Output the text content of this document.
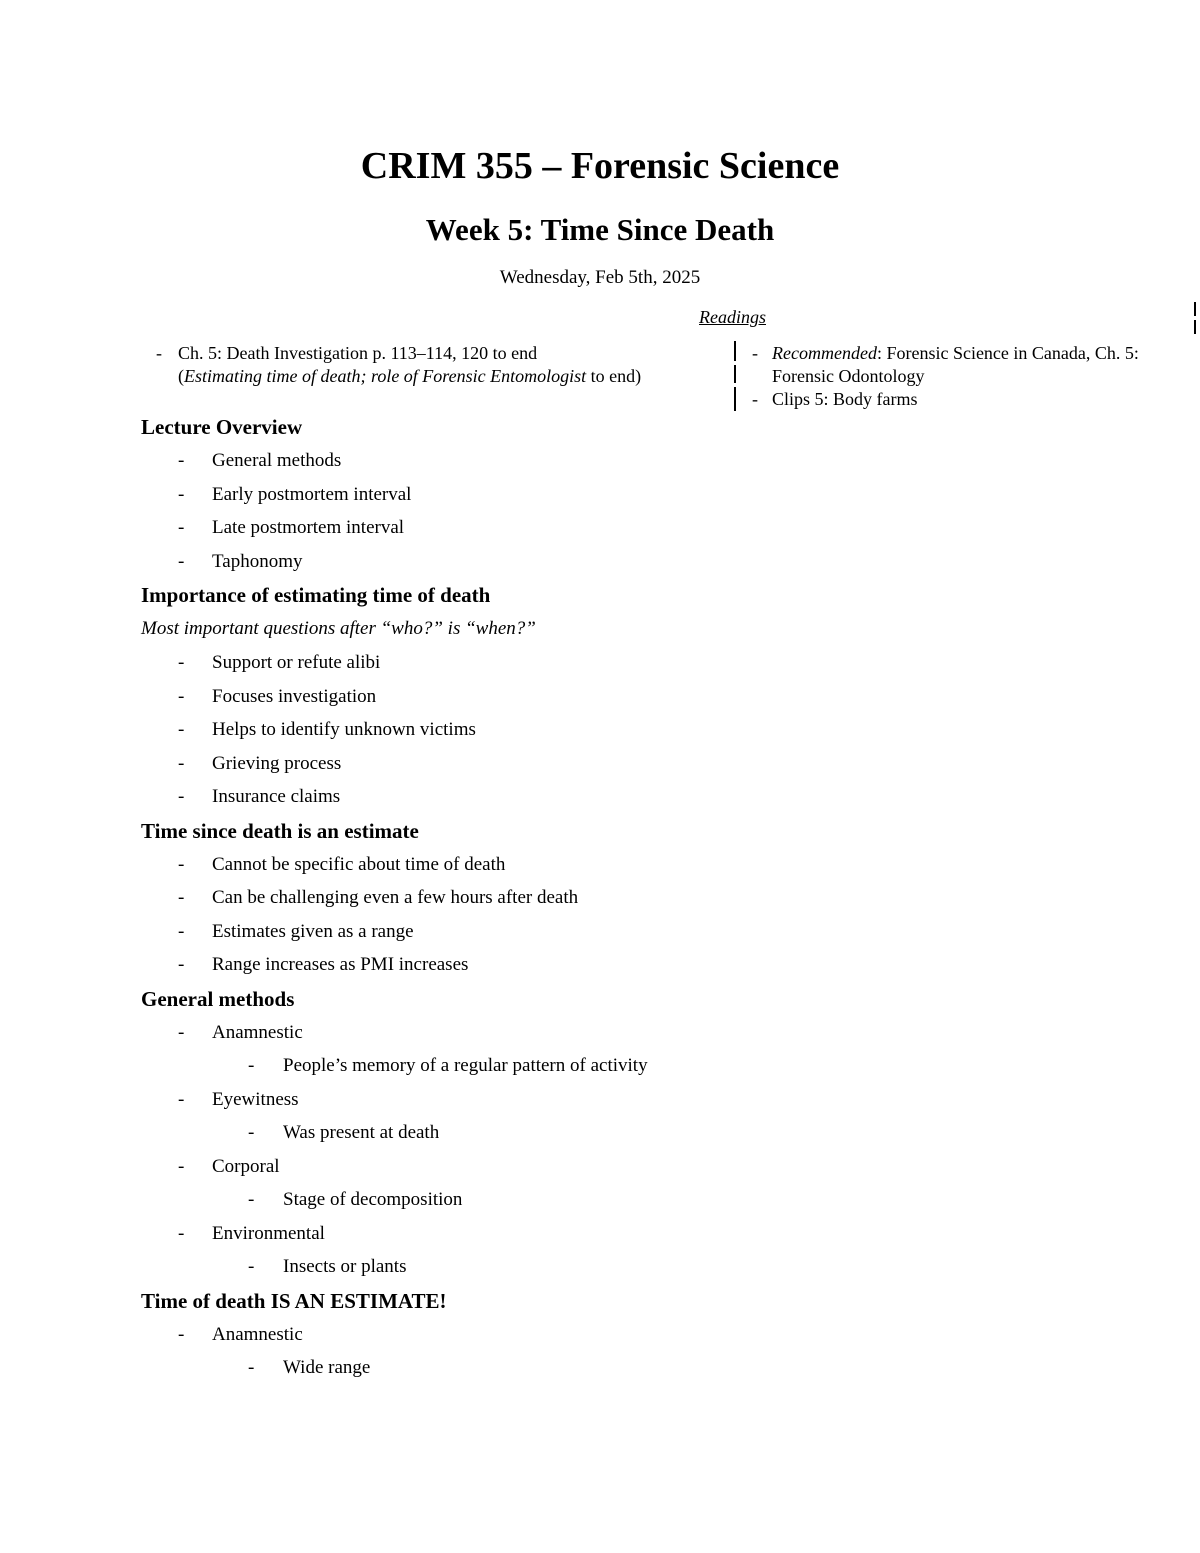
CRIM 355 – Forensic Science
Week 5: Time Since Death
Wednesday, Feb 5th, 2025
Readings
- Ch. 5: Death Investigation p. 113–114, 120 to end
(Estimating time of death; role of Forensic Entomologist to end)
- Recommended: Forensic Science in Canada, Ch. 5: Forensic Odontology
- Clips 5: Body farms
Lecture Overview
- General methods
- Early postmortem interval
- Late postmortem interval
- Taphonomy
Importance of estimating time of death
Most important questions after “who?” is “when?”
- Support or refute alibi
- Focuses investigation
- Helps to identify unknown victims
- Grieving process
- Insurance claims
Time since death is an estimate
- Cannot be specific about time of death
- Can be challenging even a few hours after death
- Estimates given as a range
- Range increases as PMI increases
General methods
- Anamnestic
- People’s memory of a regular pattern of activity
- Eyewitness
- Was present at death
- Corporal
- Stage of decomposition
- Environmental
- Insects or plants
Time of death IS AN ESTIMATE!
- Anamnestic
- Wide range
